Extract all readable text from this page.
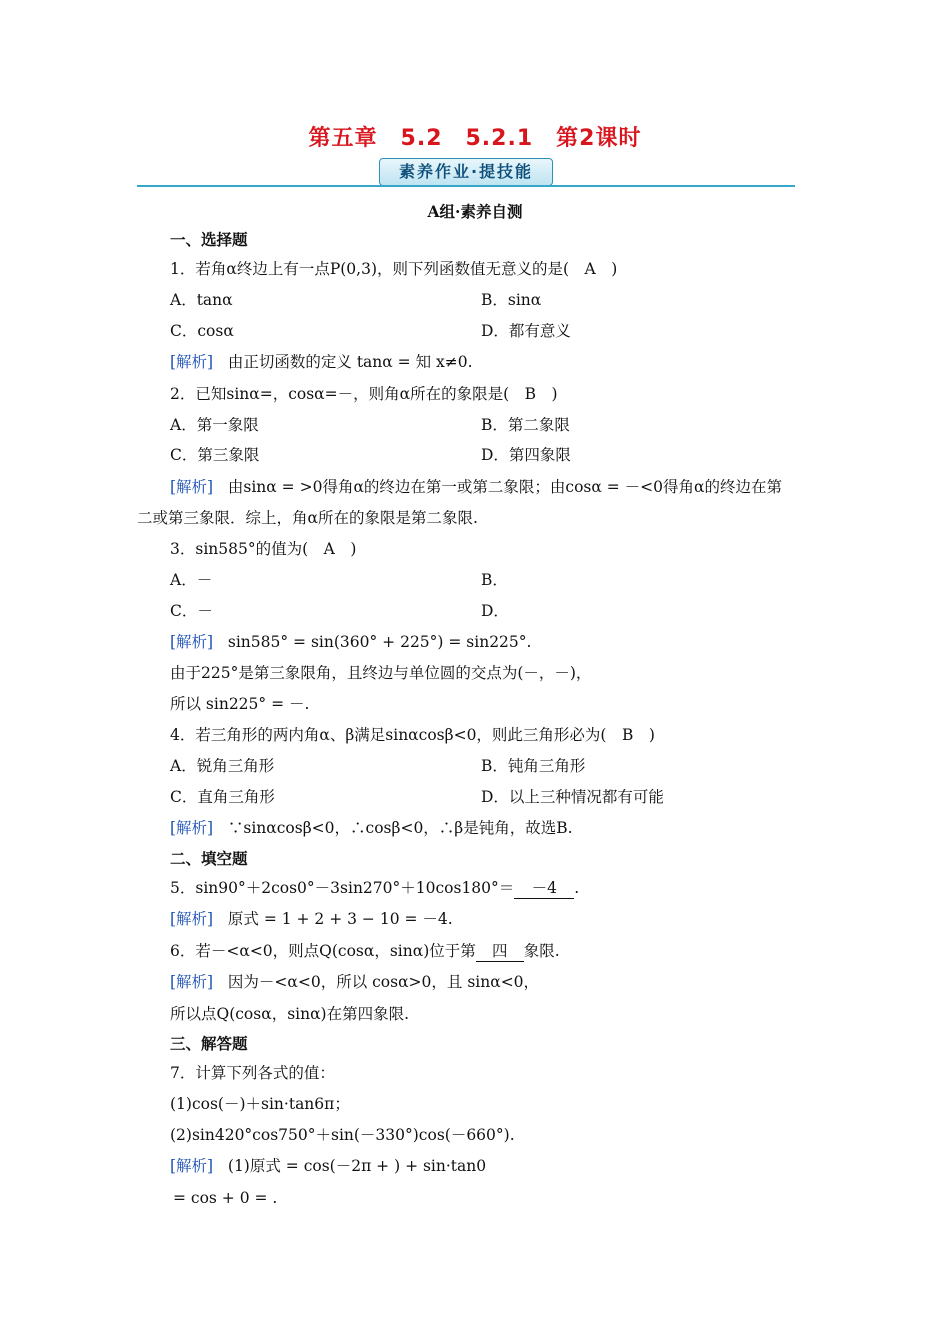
第五章　5.2　5.2.1　第2课时
素养作业·提技能
A组·素养自测
一、选择题
1．若角α终边上有一点P(0,3)，则下列函数值无意义的是(　A　)
A．tanα	B．sinα
C．cosα	D．都有意义
[解析] 由正切函数的定义 tanα = 知 x≠0.
2．已知sinα=，cosα=－，则角α所在的象限是(　B　)
A．第一象限	B．第二象限
C．第三象限	D．第四象限
[解析] 由sinα = >0得角α的终边在第一或第二象限；由cosα = －<0得角α的终边在第
二或第三象限．综上，角α所在的象限是第二象限.
3．sin585°的值为(　A　)
A．－	B．
C．－	D．
[解析] sin585° = sin(360° + 225°) = sin225°.
由于225°是第三象限角，且终边与单位圆的交点为(－，－)，
所以 sin225° = －.
4．若三角形的两内角α、β满足sinαcosβ<0，则此三角形必为(　B　)
A．锐角三角形	B．钝角三角形
C．直角三角形	D．以上三种情况都有可能
[解析] ∵sinαcosβ<0，∴cosβ<0，∴β是钝角，故选B.
二、填空题
5．sin90°＋2cos0°－3sin270°＋10cos180°＝ －4 .
[解析] 原式 = 1 + 2 + 3 − 10 = －4.
6．若－<α<0，则点Q(cosα，sinα)位于第 四 象限.
[解析] 因为－<α<0，所以 cosα>0，且 sinα<0，
所以点Q(cosα，sinα)在第四象限.
三、解答题
7．计算下列各式的值：
(1)cos(－)＋sin·tan6π；
(2)sin420°cos750°＋sin(－330°)cos(－660°).
[解析] (1)原式 = cos(－2π + ) + sin·tan0
= cos + 0 = .
